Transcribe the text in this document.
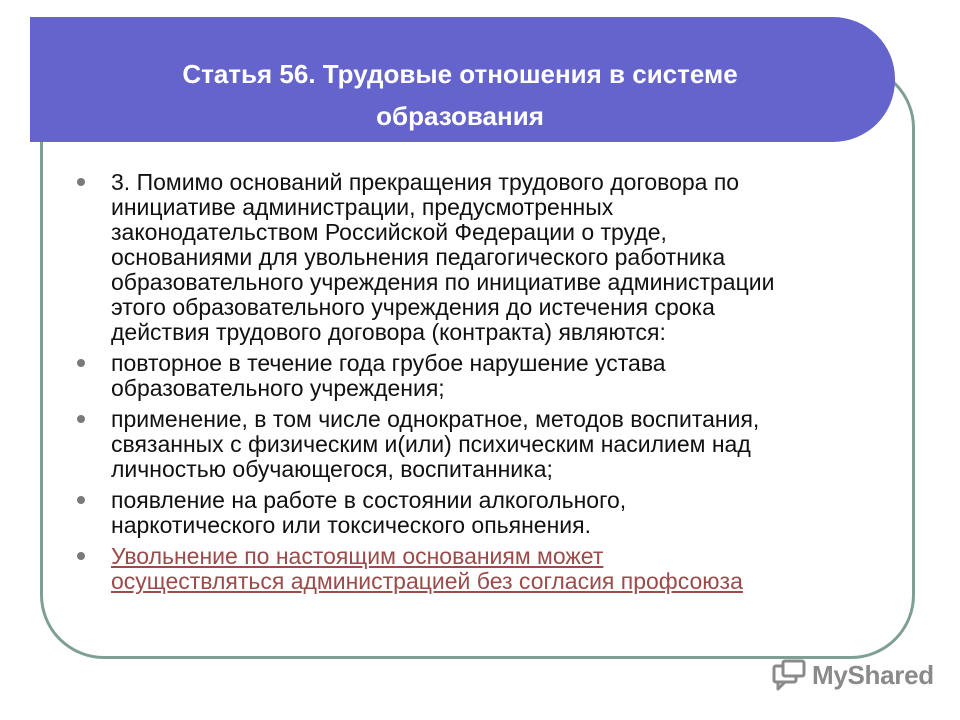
Статья 56. Трудовые отношения в системе
образования
3. Помимо оснований прекращения трудового договора по
инициативе администрации, предусмотренных
законодательством Российской Федерации о труде,
основаниями для увольнения педагогического работника
образовательного учреждения по инициативе администрации
этого образовательного учреждения до истечения срока
действия трудового договора (контракта) являются:
повторное в течение года грубое нарушение устава
образовательного учреждения;
применение, в том числе однократное, методов воспитания,
связанных с физическим и(или) психическим насилием над
личностью обучающегося, воспитанника;
появление на работе в состоянии алкогольного,
наркотического или токсического опьянения.
Увольнение по настоящим основаниям может
осуществляться администрацией без согласия профсоюза
MyShared
